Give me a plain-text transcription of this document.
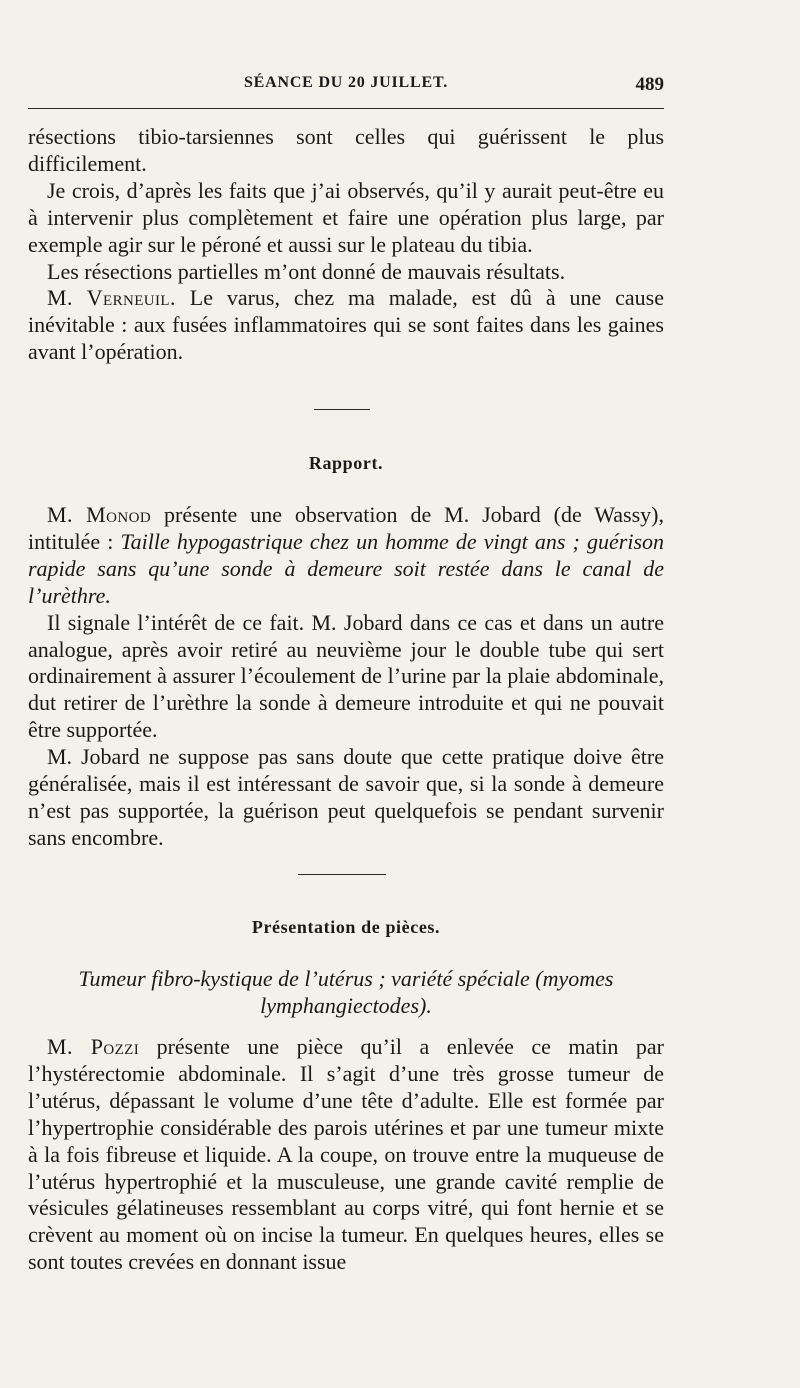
SÉANCE DU 20 JUILLET.	489

résections tibio-tarsiennes sont celles qui guérissent le plus difficilement.

Je crois, d’après les faits que j’ai observés, qu’il y aurait peut-être eu à intervenir plus complètement et faire une opération plus large, par exemple agir sur le péroné et aussi sur le plateau du tibia.

Les résections partielles m’ont donné de mauvais résultats.

M. Verneuil. Le varus, chez ma malade, est dû à une cause inévitable : aux fusées inflammatoires qui se sont faites dans les gaines avant l’opération.

Rapport.

M. Monod présente une observation de M. Jobard (de Wassy), intitulée : Taille hypogastrique chez un homme de vingt ans ; guérison rapide sans qu’une sonde à demeure soit restée dans le canal de l’urèthre.

Il signale l’intérêt de ce fait. M. Jobard dans ce cas et dans un autre analogue, après avoir retiré au neuvième jour le double tube qui sert ordinairement à assurer l’écoulement de l’urine par la plaie abdominale, dut retirer de l’urèthre la sonde à demeure introduite et qui ne pouvait être supportée.

M. Jobard ne suppose pas sans doute que cette pratique doive être généralisée, mais il est intéressant de savoir que, si la sonde à demeure n’est pas supportée, la guérison peut quelquefois se pendant survenir sans encombre.

Présentation de pièces.
Tumeur fibro-kystique de l’utérus ; variété spéciale (myomes
lymphangiectodes).

M. Pozzi présente une pièce qu’il a enlevée ce matin par l’hystérectomie abdominale. Il s’agit d’une très grosse tumeur de l’utérus, dépassant le volume d’une tête d’adulte. Elle est formée par l’hypertrophie considérable des parois utérines et par une tumeur mixte à la fois fibreuse et liquide. A la coupe, on trouve entre la muqueuse de l’utérus hypertrophié et la musculeuse, une grande cavité remplie de vésicules gélatineuses ressemblant au corps vitré, qui font hernie et se crèvent au moment où on incise la tumeur. En quelques heures, elles se sont toutes crevées en donnant issue
